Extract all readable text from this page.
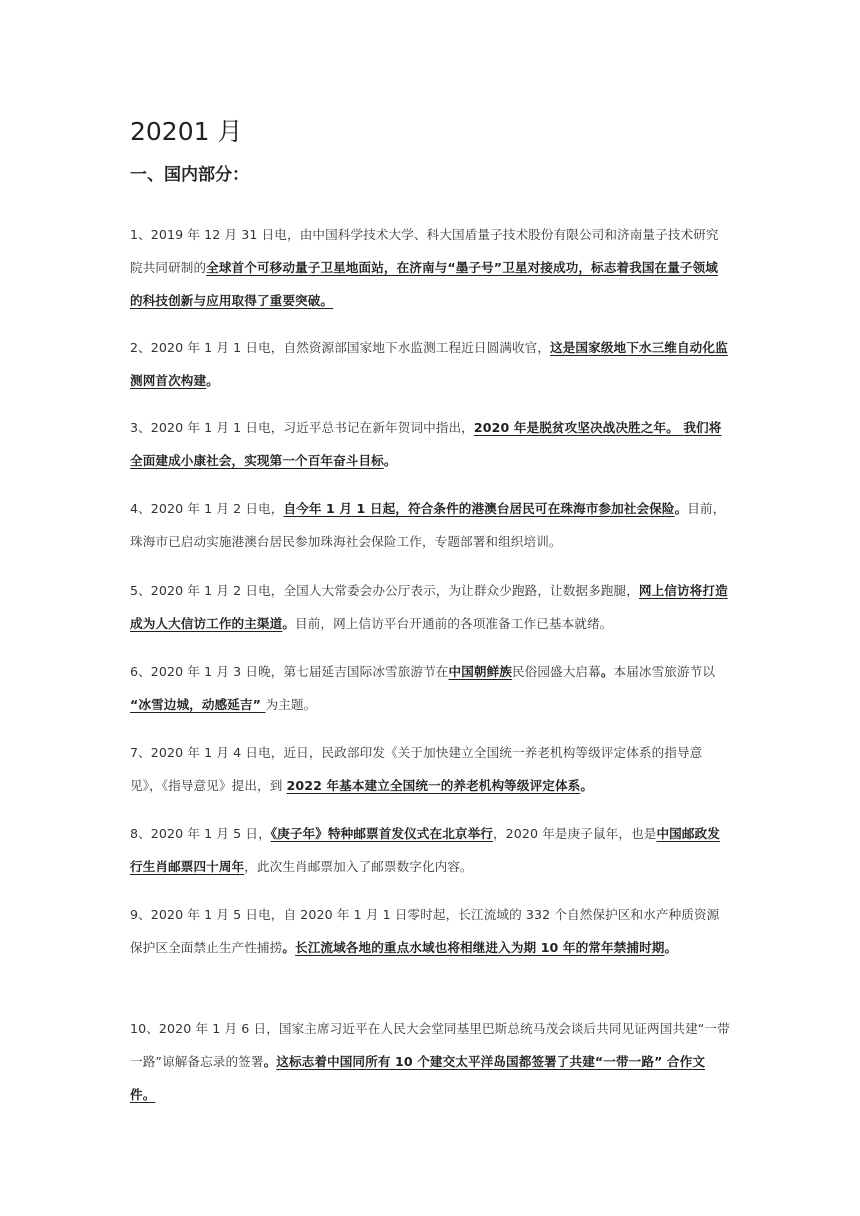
20201 月
一、国内部分：
1、2019 年 12 月 31 日电，由中国科学技术大学、科大国盾量子技术股份有限公司和济南量子技术研究院共同研制的全球首个可移动量子卫星地面站，在济南与“墨子号”卫星对接成功，标志着我国在量子领域的科技创新与应用取得了重要突破。
2、2020 年 1 月 1 日电，自然资源部国家地下水监测工程近日圆满收官，这是国家级地下水三维自动化监测网首次构建。
3、2020 年 1 月 1 日电，习近平总书记在新年贺词中指出，2020 年是脱贫攻坚决战决胜之年。 我们将全面建成小康社会，实现第一个百年奋斗目标。
4、2020 年 1 月 2 日电，自今年 1 月 1 日起，符合条件的港澳台居民可在珠海市参加社会保险。目前，珠海市已启动实施港澳台居民参加珠海社会保险工作，专题部署和组织培训。
5、2020 年 1 月 2 日电，全国人大常委会办公厅表示，为让群众少跑路，让数据多跑腿，网上信访将打造成为人大信访工作的主渠道。目前，网上信访平台开通前的各项准备工作已基本就绪。
6、2020 年 1 月 3 日晚，第七届延吉国际冰雪旅游节在中国朝鲜族民俗园盛大启幕。本届冰雪旅游节以 “冰雪边城，动感延吉” 为主题。
7、2020 年 1 月 4 日电，近日，民政部印发《关于加快建立全国统一养老机构等级评定体系的指导意见》，《指导意见》提出，到 2022 年基本建立全国统一的养老机构等级评定体系。
8、2020 年 1 月 5 日，《庚子年》特种邮票首发仪式在北京举行，2020 年是庚子鼠年，也是中国邮政发行生肖邮票四十周年，此次生肖邮票加入了邮票数字化内容。
9、2020 年 1 月 5 日电，自 2020 年 1 月 1 日零时起，长江流域的 332 个自然保护区和水产种质资源保护区全面禁止生产性捕捞。长江流域各地的重点水域也将相继进入为期 10 年的常年禁捕时期。
10、2020 年 1 月 6 日，国家主席习近平在人民大会堂同基里巴斯总统马茂会谈后共同见证两国共建“一带一路”谅解备忘录的签署。这标志着中国同所有 10 个建交太平洋岛国都签署了共建“一带一路” 合作文件。
